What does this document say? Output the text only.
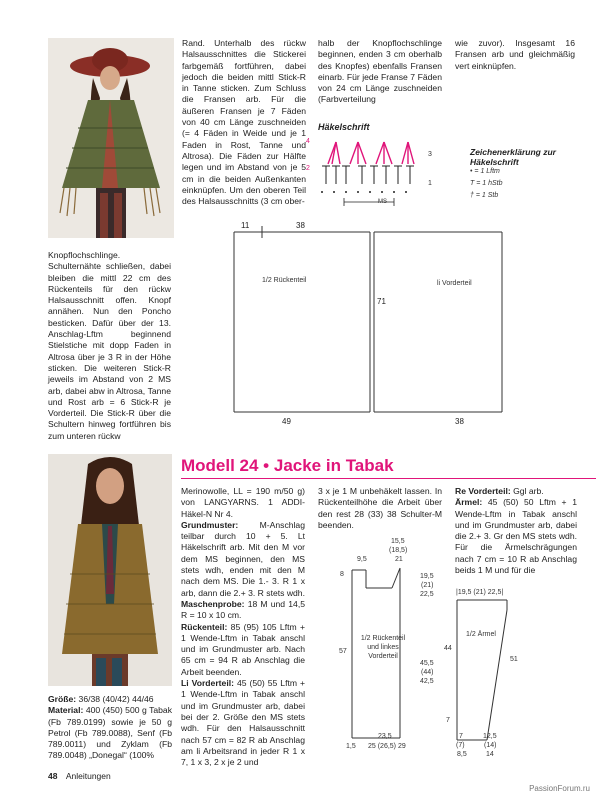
Rand. Unterhalb des rückw Halsausschnittes die Stickerei farbgemäß fortführen, dabei jedoch die beiden mittl Stick-R in Tanne sticken. Zum Schluss die Fransen arb. Für die äußeren Fransen je 7 Fäden von 40 cm Länge zuschneiden (= 4 Fäden in Weide und je 1 Faden in Rost, Tanne und Altrosa). Die Fäden zur Hälfte legen und im Abstand von je 5 cm in die beiden Außenkanten einknüpfen. Um den oberen Teil des Halsausschnitts (3 cm ober-
halb der Knopflochschlinge beginnen, enden 3 cm oberhalb des Knopfes) ebenfalls Fransen einarb. Für jede Franse 7 Fäden von 24 cm Länge zuschneiden (Farbverteilung
wie zuvor). Insgesamt 16 Fransen arb und gleichmäßig vert einknüpfen.
Häkelschrift
4
3
2
1
MS
Zeichenerklärung zur Häkelschrift
• = 1 Lftm
T = 1 hStb
† = 1 Stb
Knopflochschlinge. Schulternähte schließen, dabei bleiben die mittl 22 cm des Rückenteils für den rückw Halsausschnitt offen. Knopf annähen. Nun den Poncho besticken. Dafür über der 13. Anschlag-Lftm beginnend Stielstiche mit dopp Faden in Altrosa über je 3 R in der Höhe sticken. Die weiteren Stick-R jeweils im Abstand von 2 MS arb, dabei abw in Altrosa, Tanne und Rost arb = 6 Stick-R je Vorderteil. Die Stick-R über die Schultern hinweg fortführen bis zum unteren rückw
11	38
71
49	38
1/2 Rückenteil	li Vorderteil
Modell 24 • Jacke in Tabak

Größe: 36/38 (40/42) 44/46

Material: 400 (450) 500 g Tabak (Fb 789.0199) sowie je 50 g Petrol (Fb 789.0088), Senf (Fb 789.0011) und Zyklam (Fb 789.0048) „Donegal“ (100%

Merinowolle, LL = 190 m/50 g) von LANGYARNS. 1 ADDI-Häkel-N Nr 4.

Grundmuster: M-Anschlag teilbar durch 10 + 5. Lt Häkelschrift arb. Mit den M vor dem MS beginnen, den MS stets wdh, enden mit den M nach dem MS. Die 1.- 3. R 1 x arb, dann die 2.+ 3. R stets wdh.

Maschenprobe: 18 M und 14,5 R = 10 x 10 cm.

Rückenteil: 85 (95) 105 Lftm + 1 Wende-Lftm in Tabak anschl und im Grundmuster arb. Nach 65 cm = 94 R ab Anschlag die Arbeit beenden.

Li Vorderteil: 45 (50) 55 Lftm + 1 Wende-Lftm in Tabak anschl und im Grundmuster arb, dabei bei der 2. Größe den MS stets wdh. Für den Halsausschnitt nach 57 cm = 82 R ab Anschlag am li Arbeitsrand in jeder R 1 x 7, 1 x 3, 2 x je 2 und

3 x je 1 M unbehäkelt lassen. In Rückenteilhöhe die Arbeit über den rest 28 (33) 38 Schulter-M beenden.

Re Vorderteil: Ggl arb.

Ärmel: 45 (50) 50 Lftm + 1 Wende-Lftm in Tabak anschl und im Grundmuster arb, dabei die 2.+ 3. Gr den MS stets wdh. Für die Ärmelschrägungen nach 7 cm = 10 R ab Anschlag beids 1 M und für die

15,5
(18,5)
21
9,5
8	19,5
(21)
22,5
45,5
(44)
42,5
57
1/2 Rückenteil und linkes Vorderteil
23,5
1,5 25 (26,5) 29
|19,5 (21) 22,5|
44
51
7
1/2 Ärmel
7
(7)
8,5
12,5
(14)
14
48 Anleitungen
PassionForum.ru
